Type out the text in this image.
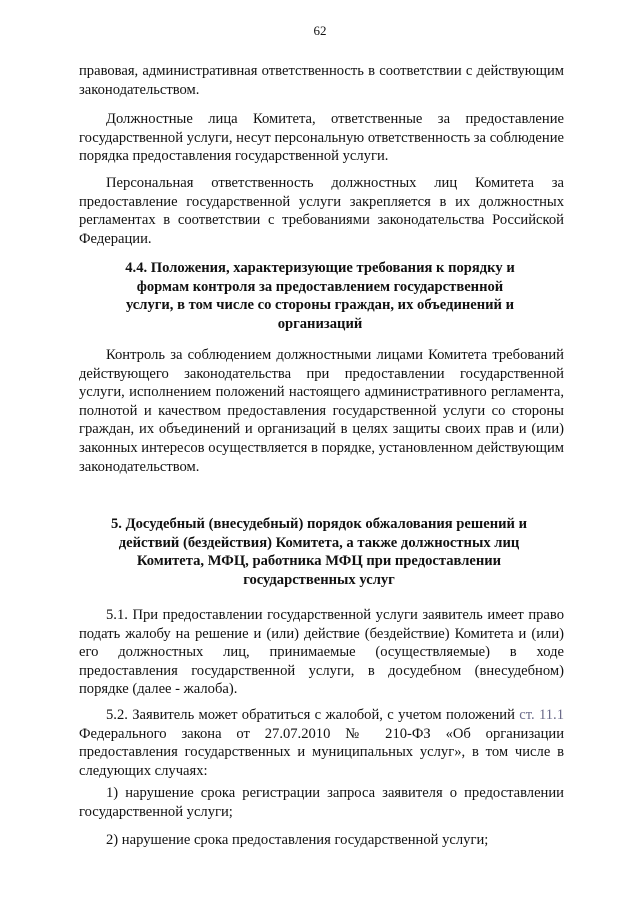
62

правовая, административная ответственность в соответствии с действующим законодательством.

Должностные лица Комитета, ответственные за предоставление государственной услуги, несут персональную ответственность за соблюдение порядка предоставления государственной услуги.

Персональная ответственность должностных лиц Комитета за предоставление государственной услуги закрепляется в их должностных регламентах в соответствии с требованиями законодательства Российской Федерации.

4.4. Положения, характеризующие требования к порядку и формам контроля за предоставлением государственной услуги, в том числе со стороны граждан, их объединений и организаций

Контроль за соблюдением должностными лицами Комитета требований действующего законодательства при предоставлении государственной услуги, исполнением положений настоящего административного регламента, полнотой и качеством предоставления государственной услуги со стороны граждан, их объединений и организаций в целях защиты своих прав и (или) законных интересов осуществляется в порядке, установленном действующим законодательством.

5. Досудебный (внесудебный) порядок обжалования решений и действий (бездействия) Комитета, а также должностных лиц Комитета, МФЦ, работника МФЦ при предоставлении государственных услуг

5.1. При предоставлении государственной услуги заявитель имеет право подать жалобу на решение и (или) действие (бездействие) Комитета и (или) его должностных лиц, принимаемые (осуществляемые) в ходе предоставления государственной услуги, в досудебном (внесудебном) порядке (далее - жалоба).

5.2. Заявитель может обратиться с жалобой, с учетом положений ст. 11.1 Федерального закона от 27.07.2010 № 210-ФЗ «Об организации предоставления государственных и муниципальных услуг», в том числе в следующих случаях:

1) нарушение срока регистрации запроса заявителя о предоставлении государственной услуги;

2) нарушение срока предоставления государственной услуги;
